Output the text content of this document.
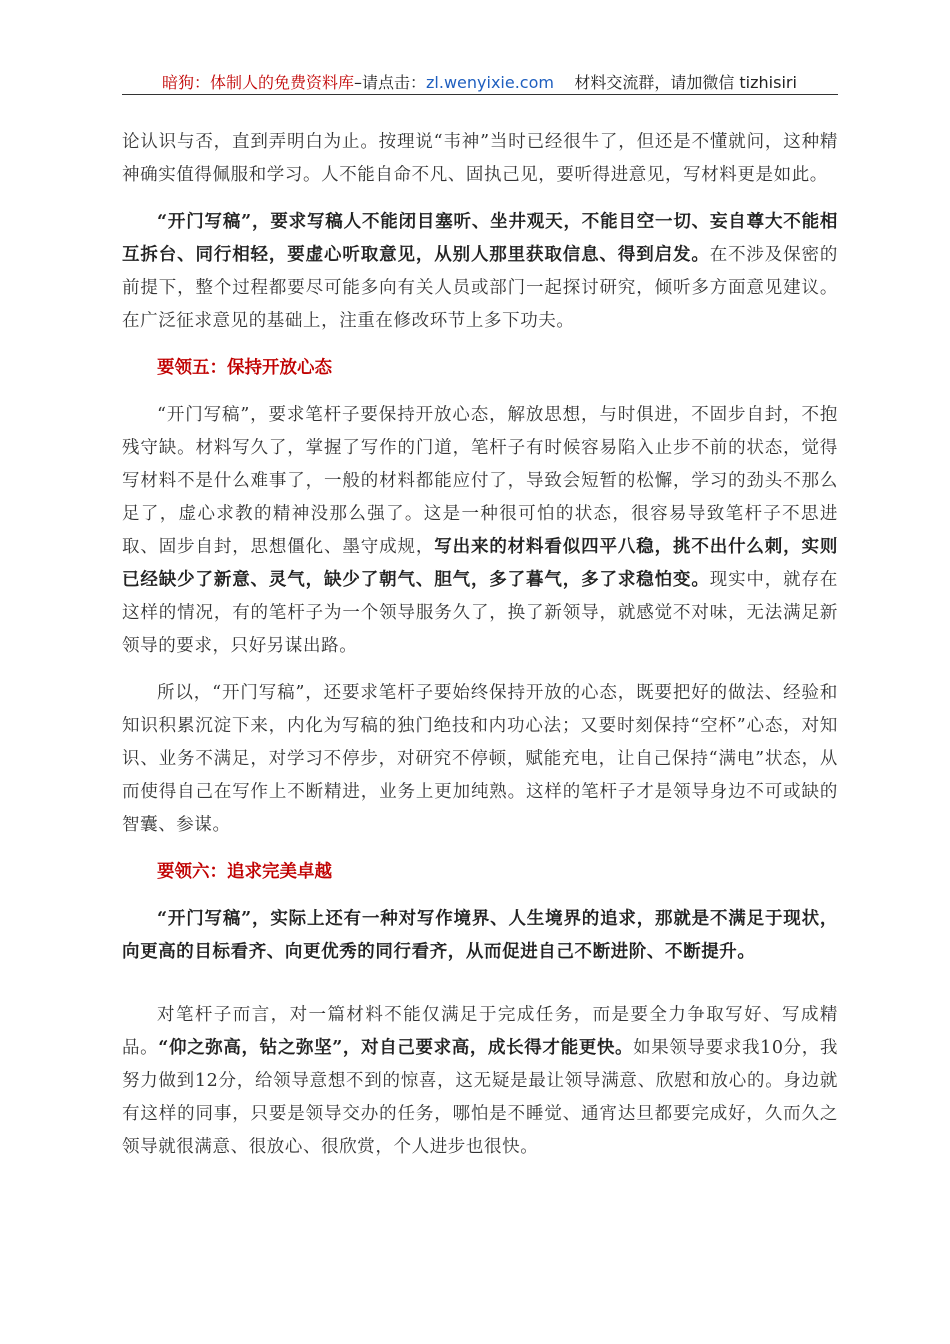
暗狗：体制人的免费资料库–请点击：zl.wenyixie.com 材料交流群，请加微信 tizhisiri

论认识与否，直到弄明白为止。按理说“韦神”当时已经很牛了，但还是不懂就问，这种精神确实值得佩服和学习。人不能自命不凡、固执己见，要听得进意见，写材料更是如此。

“开门写稿”，要求写稿人不能闭目塞听、坐井观天，不能目空一切、妄自尊大不能相互拆台、同行相轻，要虚心听取意见，从别人那里获取信息、得到启发。在不涉及保密的前提下，整个过程都要尽可能多向有关人员或部门一起探讨研究，倾听多方面意见建议。在广泛征求意见的基础上，注重在修改环节上多下功夫。

要领五：保持开放心态

“开门写稿”，要求笔杆子要保持开放心态，解放思想，与时俱进，不固步自封，不抱残守缺。材料写久了，掌握了写作的门道，笔杆子有时候容易陷入止步不前的状态，觉得写材料不是什么难事了，一般的材料都能应付了，导致会短暂的松懈，学习的劲头不那么足了，虚心求教的精神没那么强了。这是一种很可怕的状态，很容易导致笔杆子不思进取、固步自封，思想僵化、墨守成规，写出来的材料看似四平八稳，挑不出什么刺，实则已经缺少了新意、灵气，缺少了朝气、胆气，多了暮气，多了求稳怕变。现实中，就存在这样的情况，有的笔杆子为一个领导服务久了，换了新领导，就感觉不对味，无法满足新领导的要求，只好另谋出路。

所以，“开门写稿”，还要求笔杆子要始终保持开放的心态，既要把好的做法、经验和知识积累沉淀下来，内化为写稿的独门绝技和内功心法；又要时刻保持“空杯”心态，对知识、业务不满足，对学习不停步，对研究不停顿，赋能充电，让自己保持“满电”状态，从而使得自己在写作上不断精进，业务上更加纯熟。这样的笔杆子才是领导身边不可或缺的智囊、参谋。

要领六：追求完美卓越

“开门写稿”，实际上还有一种对写作境界、人生境界的追求，那就是不满足于现状，向更高的目标看齐、向更优秀的同行看齐，从而促进自己不断进阶、不断提升。

对笔杆子而言，对一篇材料不能仅满足于完成任务，而是要全力争取写好、写成精品。“仰之弥高，钻之弥坚”，对自己要求高，成长得才能更快。如果领导要求我10分，我努力做到12分，给领导意想不到的惊喜，这无疑是最让领导满意、欣慰和放心的。身边就有这样的同事，只要是领导交办的任务，哪怕是不睡觉、通宵达旦都要完成好，久而久之领导就很满意、很放心、很欣赏，个人进步也很快。
